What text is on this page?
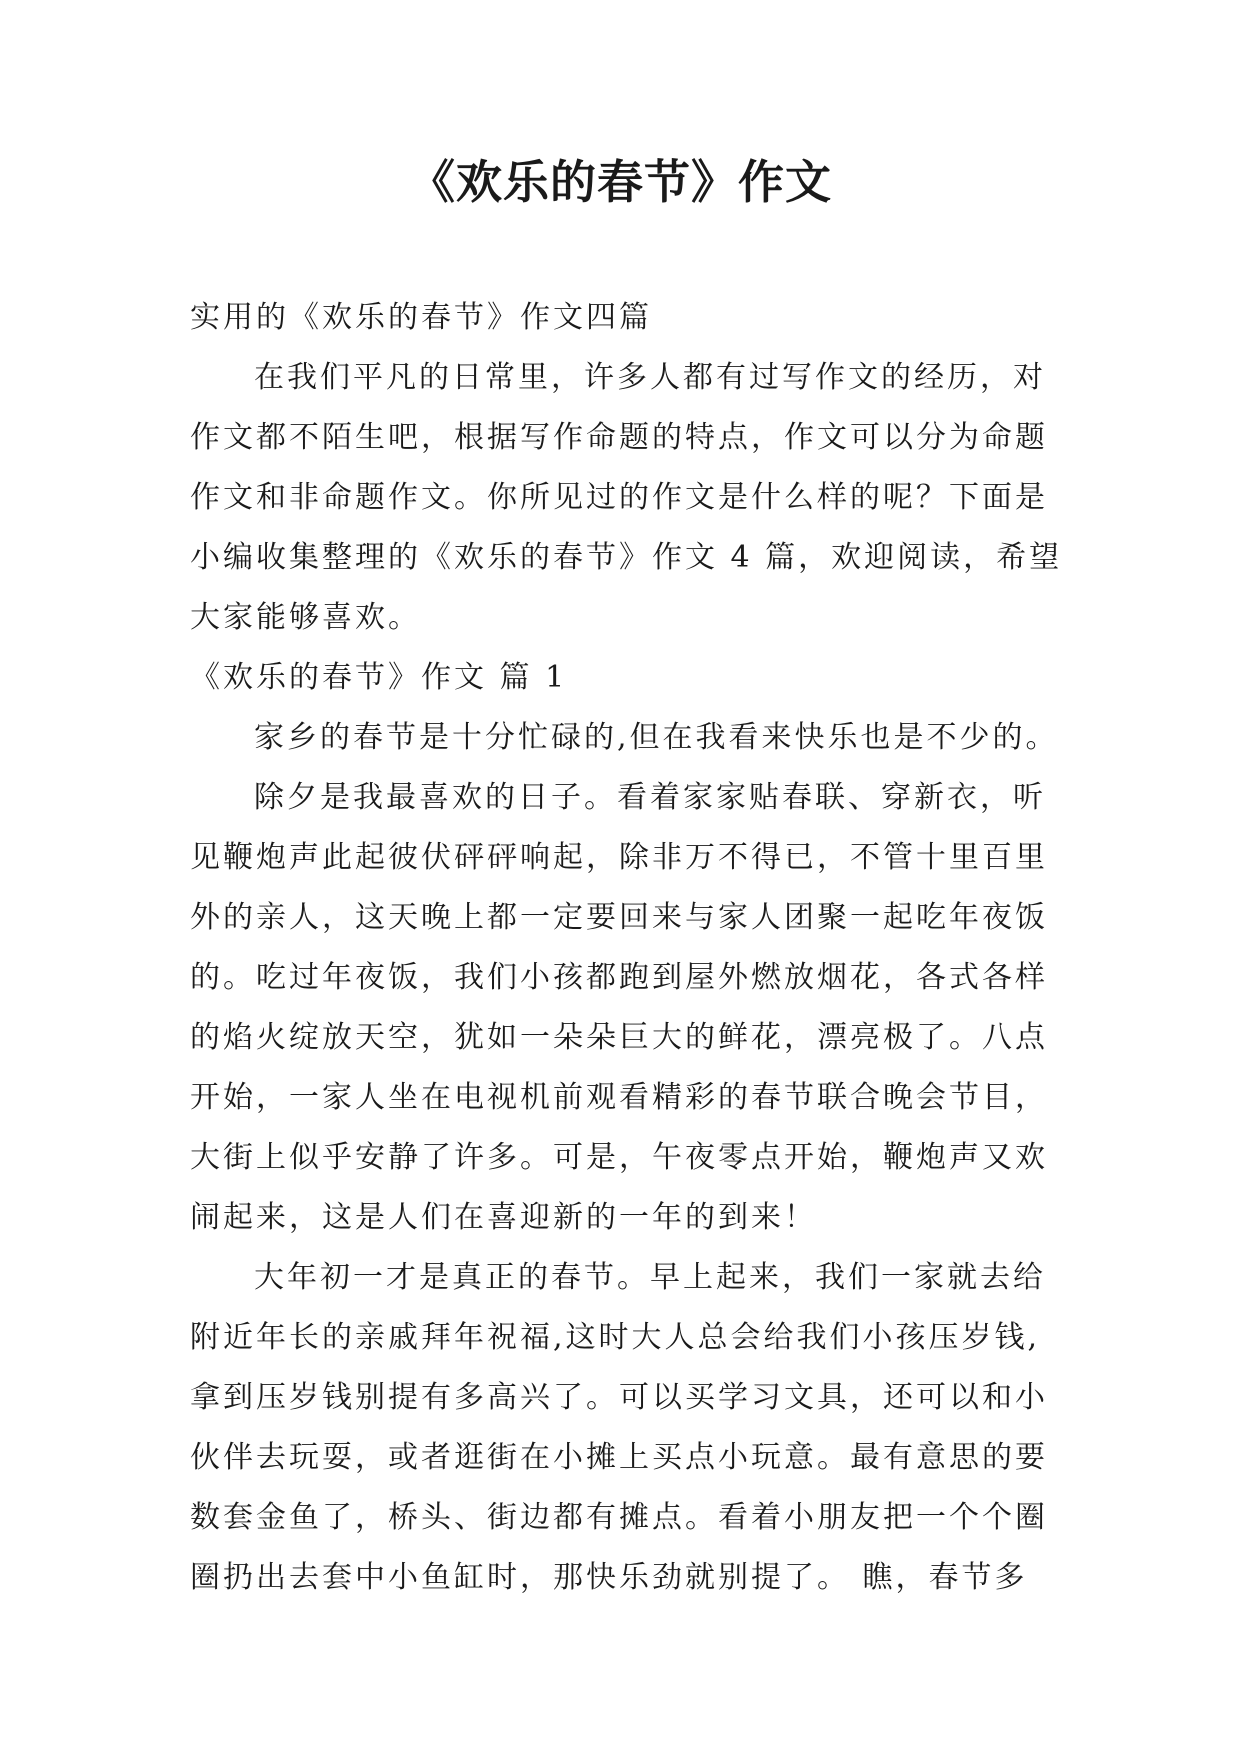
《欢乐的春节》作文

实用的《欢乐的春节》作文四篇

在我们平凡的日常里，许多人都有过写作文的经历，对

作文都不陌生吧，根据写作命题的特点，作文可以分为命题

作文和非命题作文。你所见过的作文是什么样的呢？下面是

小编收集整理的《欢乐的春节》作文 4 篇，欢迎阅读，希望

大家能够喜欢。

《欢乐的春节》作文 篇 1

家乡的春节是十分忙碌的,但在我看来快乐也是不少的。

除夕是我最喜欢的日子。看着家家贴春联、穿新衣，听

见鞭炮声此起彼伏砰砰响起，除非万不得已，不管十里百里

外的亲人，这天晚上都一定要回来与家人团聚一起吃年夜饭

的。吃过年夜饭，我们小孩都跑到屋外燃放烟花，各式各样

的焰火绽放天空，犹如一朵朵巨大的鲜花，漂亮极了。八点

开始，一家人坐在电视机前观看精彩的春节联合晚会节目，

大街上似乎安静了许多。可是，午夜零点开始，鞭炮声又欢

闹起来，这是人们在喜迎新的一年的到来！

大年初一才是真正的春节。早上起来，我们一家就去给

附近年长的亲戚拜年祝福,这时大人总会给我们小孩压岁钱,

拿到压岁钱别提有多高兴了。可以买学习文具，还可以和小

伙伴去玩耍，或者逛街在小摊上买点小玩意。最有意思的要

数套金鱼了，桥头、街边都有摊点。看着小朋友把一个个圈

圈扔出去套中小鱼缸时，那快乐劲就别提了。 瞧，春节多
